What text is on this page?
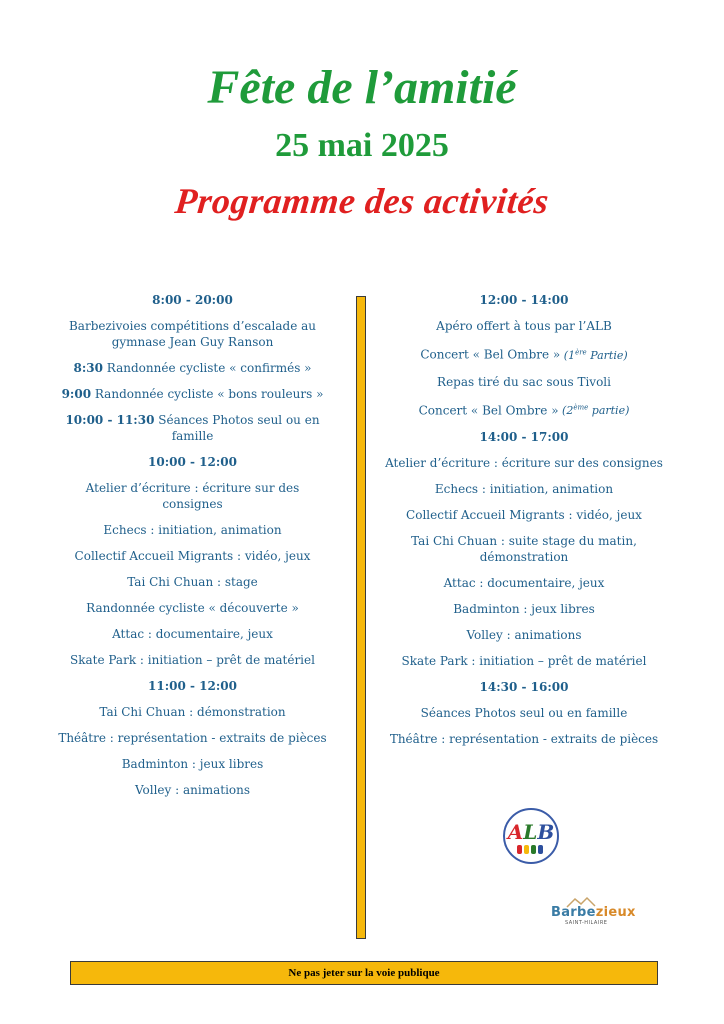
Fête de l’amitié
25 mai 2025
Programme des activités
8:00 - 20:00
Barbezivoies compétitions d’escalade au gymnase Jean Guy Ranson
8:30 Randonnée cycliste « confirmés »
9:00 Randonnée cycliste « bons rouleurs »
10:00 - 11:30 Séances Photos seul ou en famille
10:00 - 12:00
Atelier d’écriture : écriture sur des consignes
Echecs : initiation, animation
Collectif Accueil Migrants : vidéo, jeux
Tai Chi Chuan : stage
Randonnée cycliste « découverte »
Attac : documentaire, jeux
Skate Park : initiation – prêt de matériel
11:00 - 12:00
Tai Chi Chuan : démonstration
Théâtre : représentation - extraits de pièces
Badminton : jeux libres
Volley : animations
12:00 - 14:00
Apéro offert à tous par l’ALB
Concert « Bel Ombre » (1ère Partie)
Repas tiré du sac sous Tivoli
Concert « Bel Ombre » (2ème partie)
14:00 - 17:00
Atelier d’écriture : écriture sur des consignes
Echecs : initiation, animation
Collectif Accueil Migrants : vidéo, jeux
Tai Chi Chuan : suite stage du matin, démonstration
Attac : documentaire, jeux
Badminton : jeux libres
Volley : animations
Skate Park : initiation – prêt de matériel
14:30 - 16:00
Séances Photos seul ou en famille
Théâtre : représentation - extraits de pièces
ALB
Barbezieux
SAINT-HILAIRE
Ne pas jeter sur la voie publique
